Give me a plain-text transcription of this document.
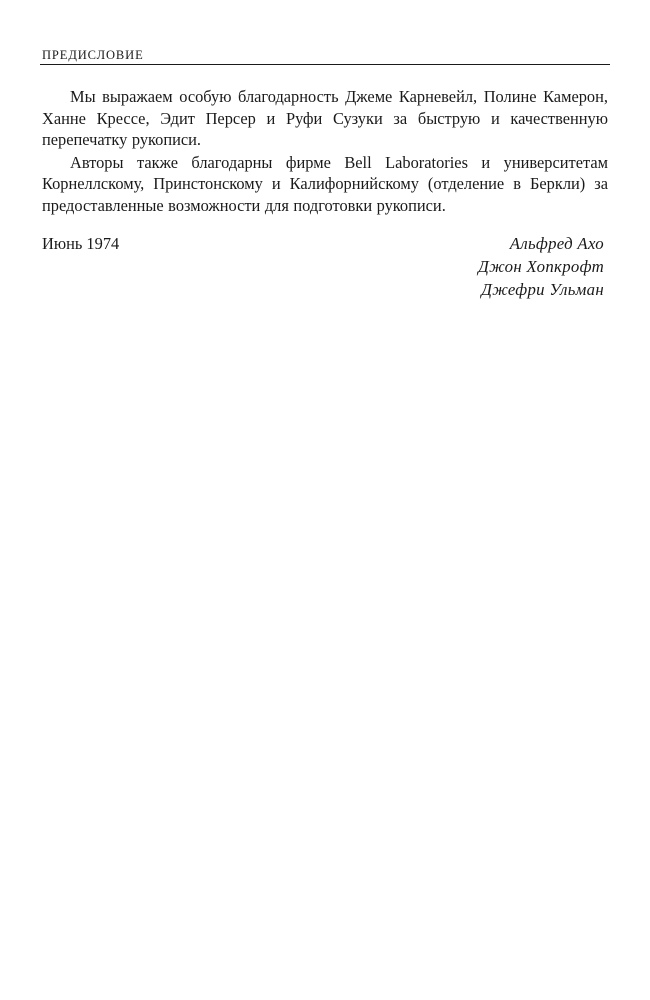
ПРЕДИСЛОВИЕ

Мы выражаем особую благодарность Джеме Карневейл, Полине Камерон, Ханне Крессе, Эдит Персер и Руфи Сузуки за быструю и качественную перепечатку рукописи.

Авторы также благодарны фирме Bell Laboratories и университетам Корнеллскому, Принстонскому и Калифорнийскому (отделение в Беркли) за предоставленные возможности для подготовки рукописи.

Июнь 1974	Альфред Ахо
Джон Хопкрофт
Джефри Ульман
